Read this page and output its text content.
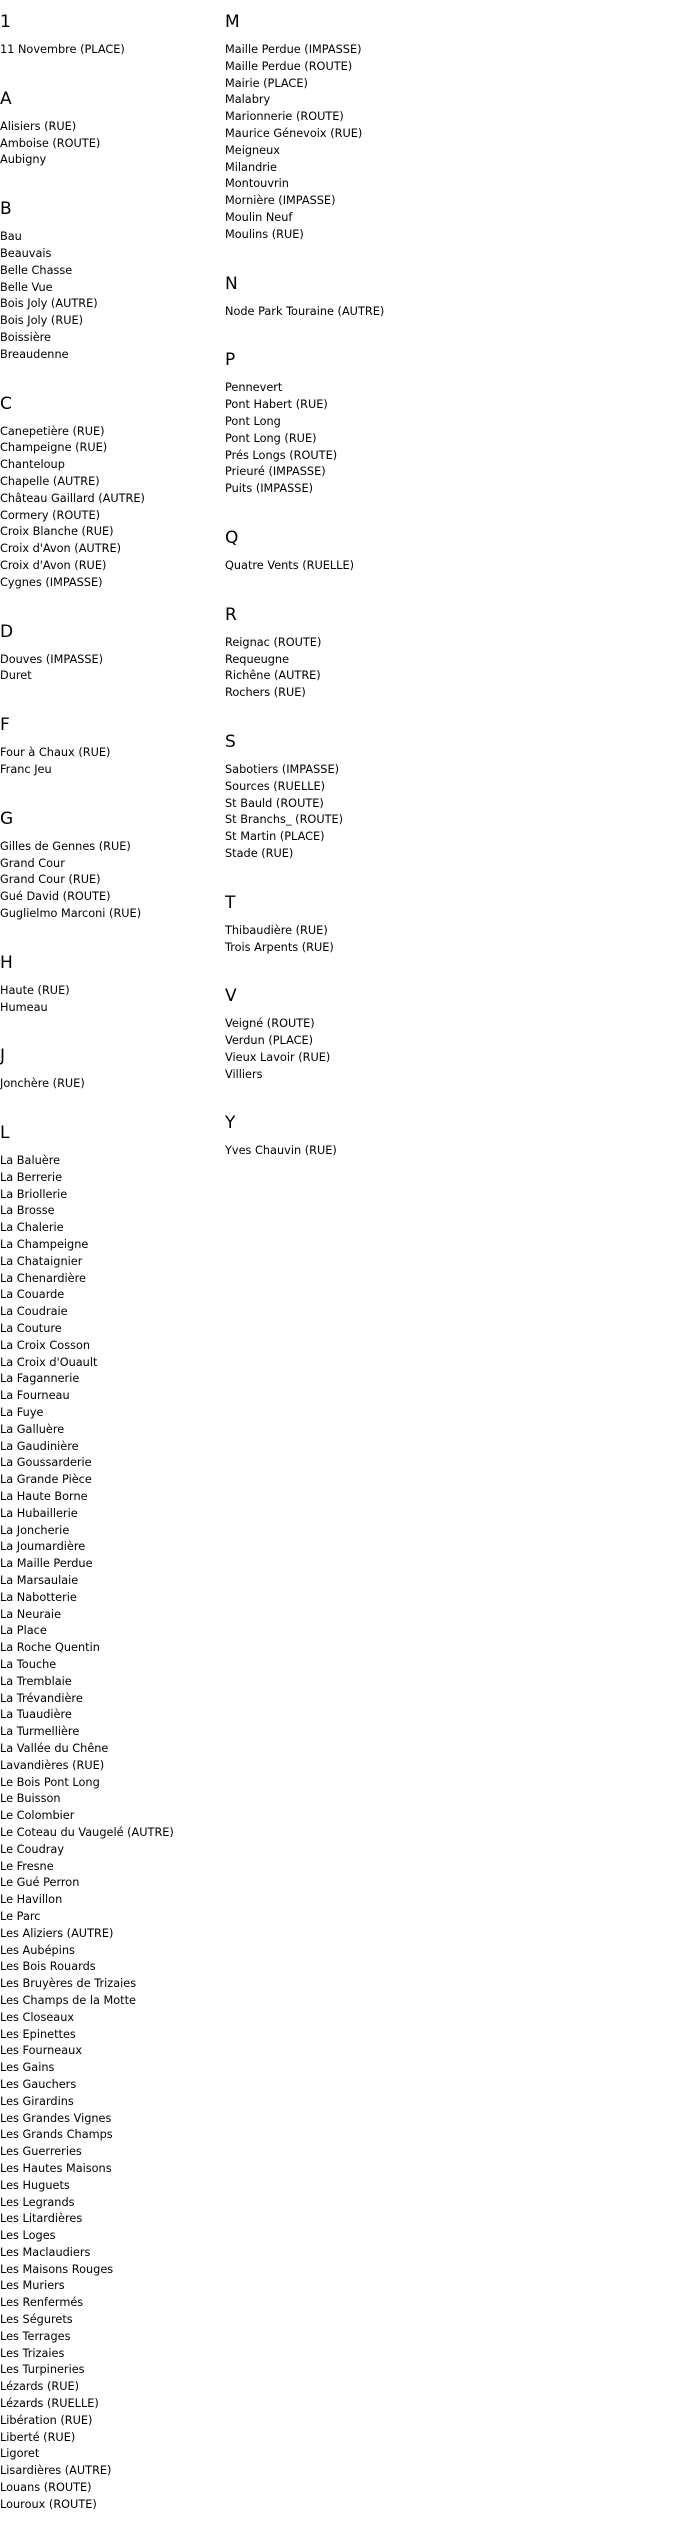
1
11 Novembre (PLACE)
A
Alisiers (RUE)
Amboise (ROUTE)
Aubigny
B
Bau
Beauvais
Belle Chasse
Belle Vue
Bois Joly (AUTRE)
Bois Joly (RUE)
Boissière
Breaudenne
C
Canepetière (RUE)
Champeigne (RUE)
Chanteloup
Chapelle (AUTRE)
Château Gaillard (AUTRE)
Cormery (ROUTE)
Croix Blanche (RUE)
Croix d'Avon (AUTRE)
Croix d'Avon (RUE)
Cygnes (IMPASSE)
D
Douves (IMPASSE)
Duret
F
Four à Chaux (RUE)
Franc Jeu
G
Gilles de Gennes (RUE)
Grand Cour
Grand Cour (RUE)
Gué David (ROUTE)
Guglielmo Marconi (RUE)
H
Haute (RUE)
Humeau
J
Jonchère (RUE)
L
La Baluère
La Berrerie
La Briollerie
La Brosse
La Chalerie
La Champeigne
La Chataignier
La Chenardière
La Couarde
La Coudraie
La Couture
La Croix Cosson
La Croix d'Ouault
La Fagannerie
La Fourneau
La Fuye
La Galluère
La Gaudinière
La Goussarderie
La Grande Pièce
La Haute Borne
La Hubaillerie
La Joncherie
La Joumardière
La Maille Perdue
La Marsaulaie
La Nabotterie
La Neuraie
La Place
La Roche Quentin
La Touche
La Tremblaie
La Trévandière
La Tuaudière
La Turmellière
La Vallée du Chêne
Lavandières (RUE)
Le Bois Pont Long
Le Buisson
Le Colombier
Le Coteau du Vaugelé (AUTRE)
Le Coudray
Le Fresne
Le Gué Perron
Le Havillon
Le Parc
Les Aliziers (AUTRE)
Les Aubépins
Les Bois Rouards
Les Bruyères de Trizaies
Les Champs de la Motte
Les Closeaux
Les Epinettes
Les Fourneaux
Les Gains
Les Gauchers
Les Girardins
Les Grandes Vignes
Les Grands Champs
Les Guerreries
Les Hautes Maisons
Les Huguets
Les Legrands
Les Litardières
Les Loges
Les Maclaudiers
Les Maisons Rouges
Les Muriers
Les Renfermés
Les Ségurets
Les Terrages
Les Trizaies
Les Turpineries
Lézards (RUE)
Lézards (RUELLE)
Libération (RUE)
Liberté (RUE)
Ligoret
Lisardières (AUTRE)
Louans (ROUTE)
Louroux (ROUTE)
M
Maille Perdue (IMPASSE)
Maille Perdue (ROUTE)
Mairie (PLACE)
Malabry
Marionnerie (ROUTE)
Maurice Génevoix (RUE)
Meigneux
Milandrie
Montouvrin
Mornière (IMPASSE)
Moulin Neuf
Moulins (RUE)
N
Node Park Touraine (AUTRE)
P
Pennevert
Pont Habert (RUE)
Pont Long
Pont Long (RUE)
Prés Longs (ROUTE)
Prieuré (IMPASSE)
Puits (IMPASSE)
Q
Quatre Vents (RUELLE)
R
Reignac (ROUTE)
Requeugne
Richêne (AUTRE)
Rochers (RUE)
S
Sabotiers (IMPASSE)
Sources (RUELLE)
St Bauld (ROUTE)
St Branchs_ (ROUTE)
St Martin (PLACE)
Stade (RUE)
T
Thibaudière (RUE)
Trois Arpents (RUE)
V
Veigné (ROUTE)
Verdun (PLACE)
Vieux Lavoir (RUE)
Villiers
Y
Yves Chauvin (RUE)
